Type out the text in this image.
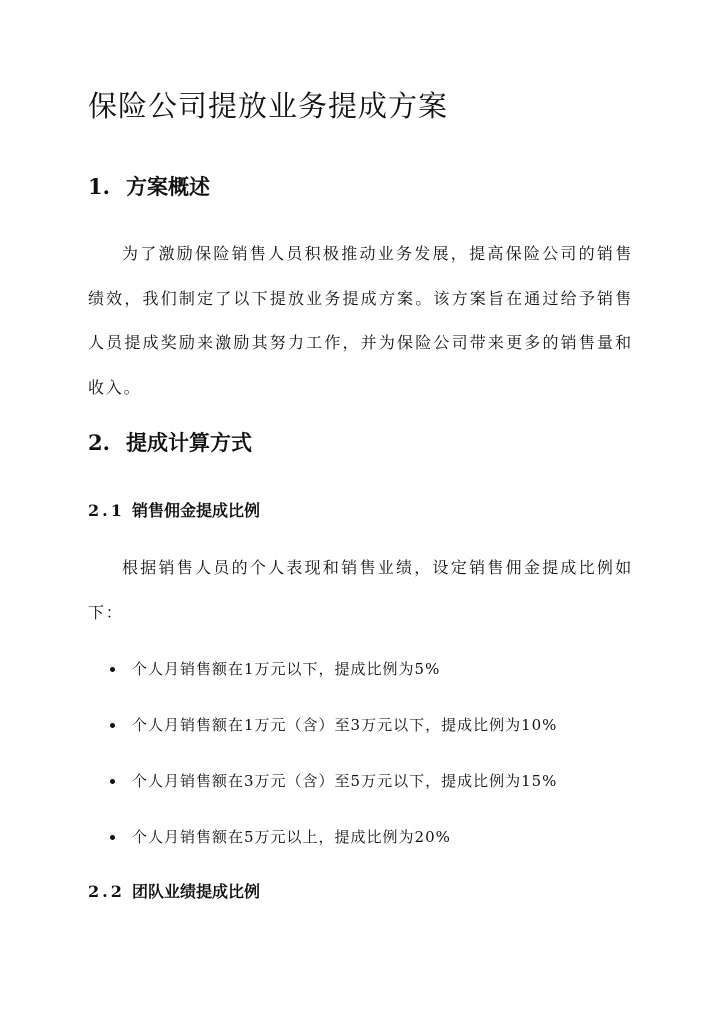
保险公司提放业务提成方案
1. 方案概述
为了激励保险销售人员积极推动业务发展，提高保险公司的销售绩效，我们制定了以下提放业务提成方案。该方案旨在通过给予销售人员提成奖励来激励其努力工作，并为保险公司带来更多的销售量和收入。
2. 提成计算方式
2.1 销售佣金提成比例
根据销售人员的个人表现和销售业绩，设定销售佣金提成比例如下：
个人月销售额在1万元以下，提成比例为5%
个人月销售额在1万元（含）至3万元以下，提成比例为10%
个人月销售额在3万元（含）至5万元以下，提成比例为15%
个人月销售额在5万元以上，提成比例为20%
2.2 团队业绩提成比例
